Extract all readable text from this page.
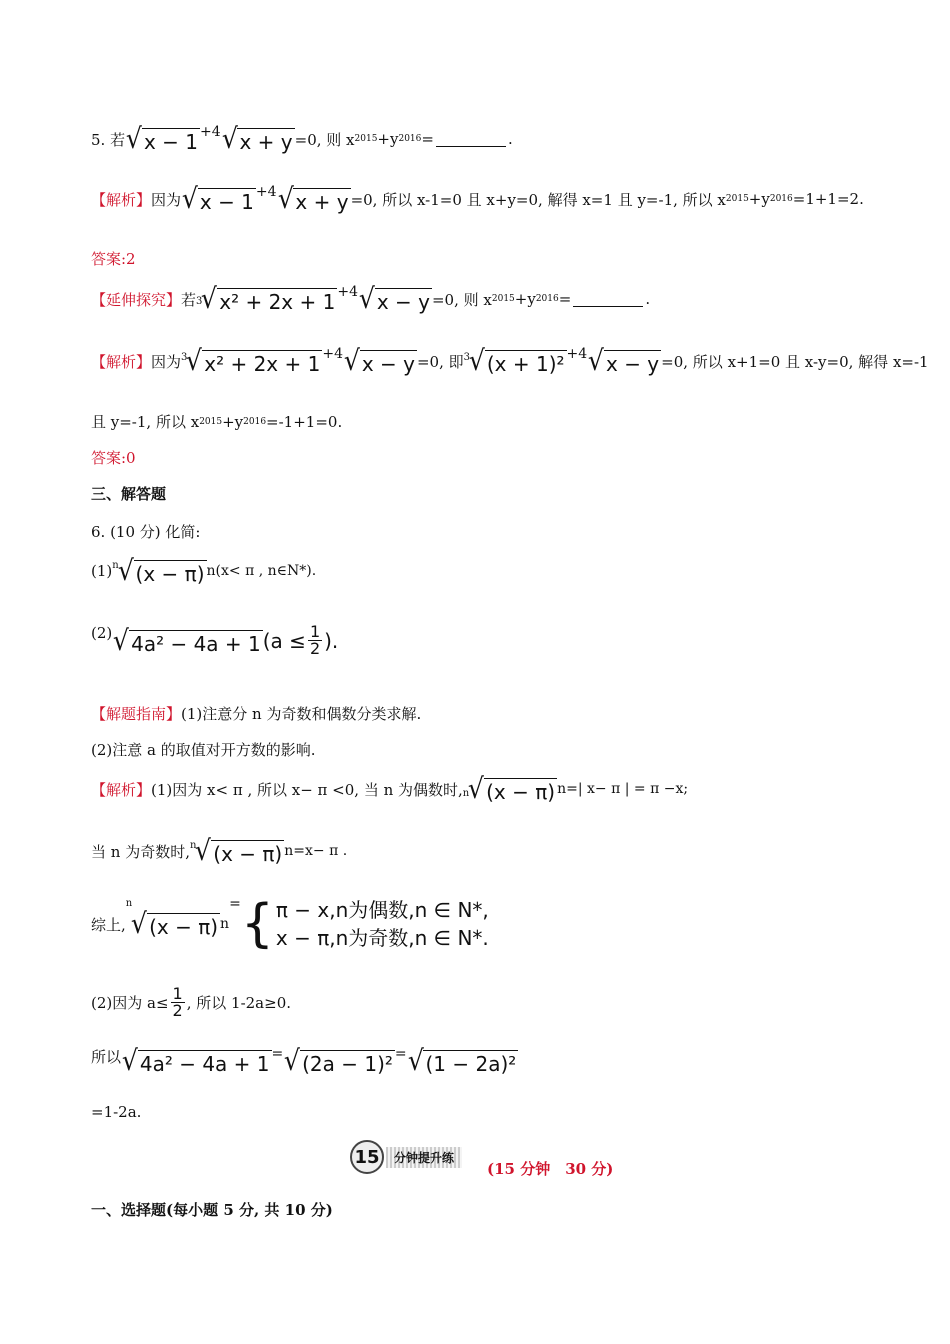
5. 若 √ x − 1 +4 √ x + y =0, 则 x 2015 +y 2016 =	.
【解析】 因为 √ x − 1 +4 √ x + y =0, 所以 x-1=0 且 x+y=0, 解得 x=1 且 y=-1, 所以 x 2015 +y 2016 =1+1=2.
答案:2
【延伸探究】 若 3
√ x² + 2x + 1 +4 √ x − y =0, 则 x 2015 +y 2016 =	.
【解析】 因为 3
√ x² + 2x + 1 +4 √ x − y =0, 即 3
√ (x + 1)² +4 √ x − y =0, 所以 x+1=0 且 x-y=0, 解得 x=-1
且 y=-1, 所以 x 2015 +y 2016 =-1+1=0.
答案:0
三、解答题
6. (10 分) 化简:
(1) n
√ (x − π) n (x< π , n∈N*).
(2) √ 4a² − 4a + 1 ($a \le \frac{1}{2}$ ).
【解题指南】 (1)注意分 n 为奇数和偶数分类求解.
(2)注意 a 的取值对开方数的影响.
【解析】 (1)因为 x< π , 所以 x− π <0, 当 n 为偶数时, n
√ (x − π) n =| x− π | = π −x;
当 n 为奇数时, n
√ (x − π) n =x− π .
综上,
n
√ (x − π) n
= { π − x,n为偶数,n ∈ N*,
x − π,n为奇数,n ∈ N*.
(2)因为 $a\le \frac{1}{2}$ , 所以 1-2a≥0.
所以 √ 4a² − 4a + 1 = √ (2a − 1)² = √ (1 − 2a)²
=1-2a.
15	分钟提升练
(15 分钟　30 分)
一、选择题(每小题 5 分, 共 10 分)
